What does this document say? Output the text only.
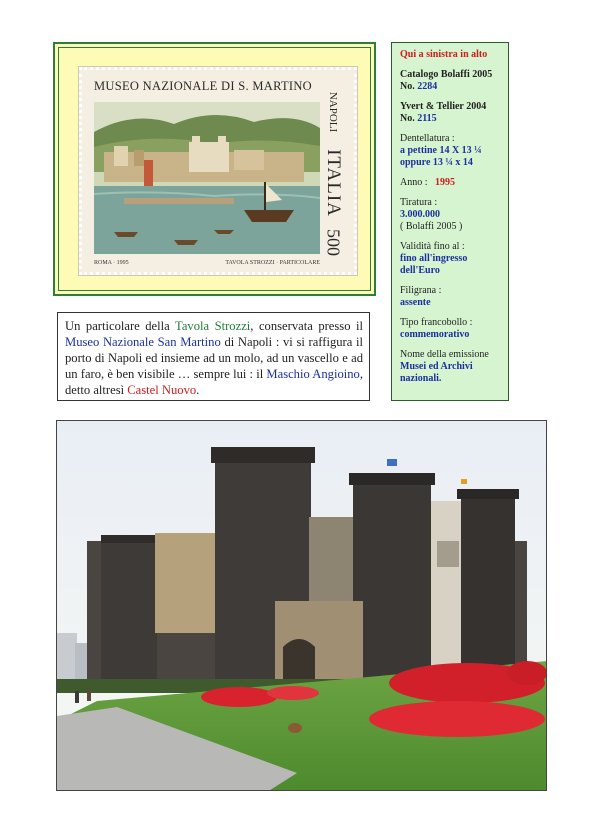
MUSEO NAZIONALE DI S. MARTINO
NAPOLI
ITALIA
500
ROMA · 1995	TAVOLA STROZZI · PARTICOLARE
Qui a sinistra in alto
Catalogo Bolaffi 2005
No. 2284
Yvert & Tellier 2004
No. 2115
Dentellatura :
a pettine 14 X 13 ¼ oppure 13 ¼ x 14
Anno : 1995
Tiratura :
3.000.000
( Bolaffi 2005 )
Validità fino al :
fino all'ingresso dell'Euro
Filigrana :
assente
Tipo francobollo :
commemorativo
Nome della emissione
Musei ed Archivi nazionali.
Un particolare della Tavola Strozzi, conservata presso il Museo Nazionale San Martino di Napoli : vi si raffigura il porto di Napoli ed insieme ad un molo, ad un vascello e ad un faro, è ben visibile … sempre lui : il Maschio Angioino, detto altresì Castel Nuovo.
